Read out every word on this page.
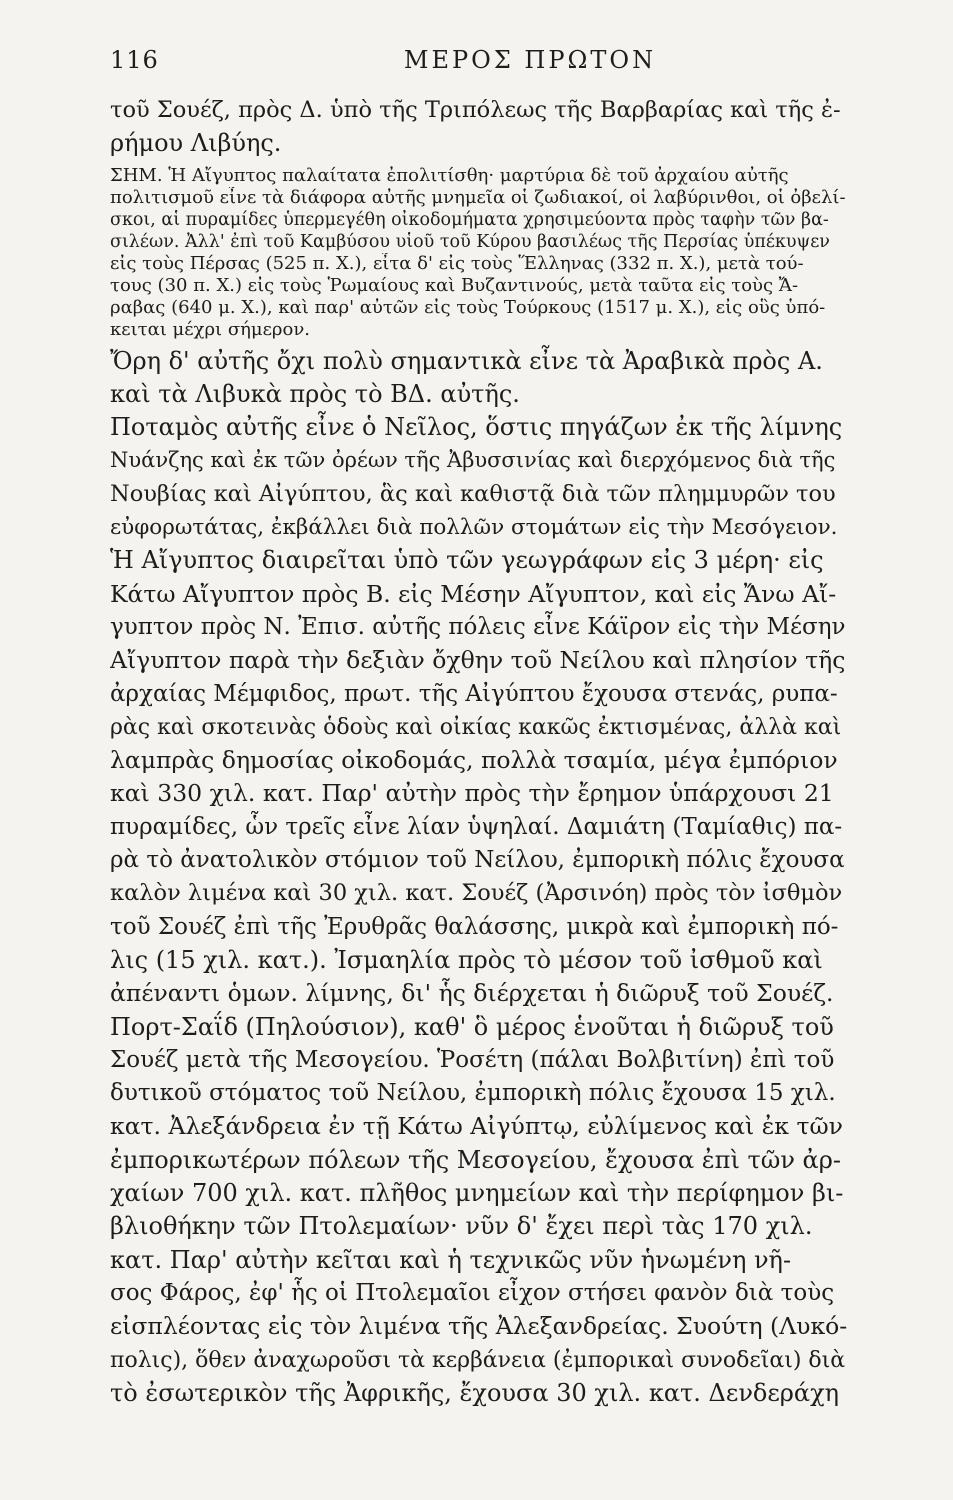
116	ΜΕΡΟΣ ΠΡΩΤΟΝ
τοῦ Σουέζ, πρὸς Δ. ὑπὸ τῆς Τριπόλεως τῆς Βαρβαρίας καὶ τῆς ἐ-
ρήμου Λιβύης.
ΣΗΜ. Ἡ Αἴγυπτος παλαίτατα ἐπολιτίσθη· μαρτύρια δὲ τοῦ ἀρχαίου αὐτῆς
πολιτισμοῦ εἶνε τὰ διάφορα αὐτῆς μνημεῖα οἱ ζωδιακοί, οἱ λαβύρινθοι, οἱ ὀβελί-
σκοι, αἱ πυραμίδες ὑπερμεγέθη οἰκοδομήματα χρησιμεύοντα πρὸς ταφὴν τῶν βα-
σιλέων. Ἀλλ' ἐπὶ τοῦ Καμβύσου υἱοῦ τοῦ Κύρου βασιλέως τῆς Περσίας ὑπέκυψεν
εἰς τοὺς Πέρσας (525 π. Χ.), εἶτα δ' εἰς τοὺς Ἕλληνας (332 π. Χ.), μετὰ τού-
τους (30 π. Χ.) εἰς τοὺς Ῥωμαίους καὶ Βυζαντινούς, μετὰ ταῦτα εἰς τοὺς Ἄ-
ραβας (640 μ. Χ.), καὶ παρ' αὐτῶν εἰς τοὺς Τούρκους (1517 μ. Χ.), εἰς οὓς ὑπό-
κειται μέχρι σήμερον.
Ὄρη δ' αὐτῆς ὄχι πολὺ σημαντικὰ εἶνε τὰ Ἀραβικὰ πρὸς Α.
καὶ τὰ Λιβυκὰ πρὸς τὸ ΒΔ. αὐτῆς.
Ποταμὸς αὐτῆς εἶνε ὁ Νεῖλος, ὅστις πηγάζων ἐκ τῆς λίμνης
Νυάνζης καὶ ἐκ τῶν ὀρέων τῆς Ἀβυσσινίας καὶ διερχόμενος διὰ τῆς
Νουβίας καὶ Αἰγύπτου, ἃς καὶ καθιστᾷ διὰ τῶν πλημμυρῶν του
εὐφορωτάτας, ἐκβάλλει διὰ πολλῶν στομάτων εἰς τὴν Μεσόγειον.
Ἡ Αἴγυπτος διαιρεῖται ὑπὸ τῶν γεωγράφων εἰς 3 μέρη· εἰς
Κάτω Αἴγυπτον πρὸς Β. εἰς Μέσην Αἴγυπτον, καὶ εἰς Ἄνω Αἴ-
γυπτον πρὸς Ν. Ἐπισ. αὐτῆς πόλεις εἶνε Κάϊρον εἰς τὴν Μέσην
Αἴγυπτον παρὰ τὴν δεξιὰν ὄχθην τοῦ Νείλου καὶ πλησίον τῆς
ἀρχαίας Μέμφιδος, πρωτ. τῆς Αἰγύπτου ἔχουσα στενάς, ρυπα-
ρὰς καὶ σκοτεινὰς ὁδοὺς καὶ οἰκίας κακῶς ἐκτισμένας, ἀλλὰ καὶ
λαμπρὰς δημοσίας οἰκοδομάς, πολλὰ τσαμία, μέγα ἐμπόριον
καὶ 330 χιλ. κατ. Παρ' αὐτὴν πρὸς τὴν ἔρημον ὑπάρχουσι 21
πυραμίδες, ὧν τρεῖς εἶνε λίαν ὑψηλαί. Δαμιάτη (Ταμίαθις) πα-
ρὰ τὸ ἀνατολικὸν στόμιον τοῦ Νείλου, ἐμπορικὴ πόλις ἔχουσα
καλὸν λιμένα καὶ 30 χιλ. κατ. Σουέζ (Ἀρσινόη) πρὸς τὸν ἰσθμὸν
τοῦ Σουέζ ἐπὶ τῆς Ἐρυθρᾶς θαλάσσης, μικρὰ καὶ ἐμπορικὴ πό-
λις (15 χιλ. κατ.). Ἰσμαηλία πρὸς τὸ μέσον τοῦ ἰσθμοῦ καὶ
ἀπέναντι ὁμων. λίμνης, δι' ἧς διέρχεται ἡ διῶρυξ τοῦ Σουέζ.
Πορτ-Σαΐδ (Πηλούσιον), καθ' ὃ μέρος ἑνοῦται ἡ διῶρυξ τοῦ
Σουέζ μετὰ τῆς Μεσογείου. Ῥοσέτη (πάλαι Βολβιτίνη) ἐπὶ τοῦ
δυτικοῦ στόματος τοῦ Νείλου, ἐμπορικὴ πόλις ἔχουσα 15 χιλ.
κατ. Ἀλεξάνδρεια ἐν τῇ Κάτω Αἰγύπτῳ, εὐλίμενος καὶ ἐκ τῶν
ἐμπορικωτέρων πόλεων τῆς Μεσογείου, ἔχουσα ἐπὶ τῶν ἀρ-
χαίων 700 χιλ. κατ. πλῆθος μνημείων καὶ τὴν περίφημον βι-
βλιοθήκην τῶν Πτολεμαίων· νῦν δ' ἔχει περὶ τὰς 170 χιλ.
κατ. Παρ' αὐτὴν κεῖται καὶ ἡ τεχνικῶς νῦν ἡνωμένη νῆ-
σος Φάρος, ἐφ' ἧς οἱ Πτολεμαῖοι εἶχον στήσει φανὸν διὰ τοὺς
εἰσπλέοντας εἰς τὸν λιμένα τῆς Ἀλεξανδρείας. Συούτη (Λυκό-
πολις), ὅθεν ἀναχωροῦσι τὰ κερβάνεια (ἐμπορικαὶ συνοδεῖαι) διὰ
τὸ ἐσωτερικὸν τῆς Ἀφρικῆς, ἔχουσα 30 χιλ. κατ. Δενδεράχη
